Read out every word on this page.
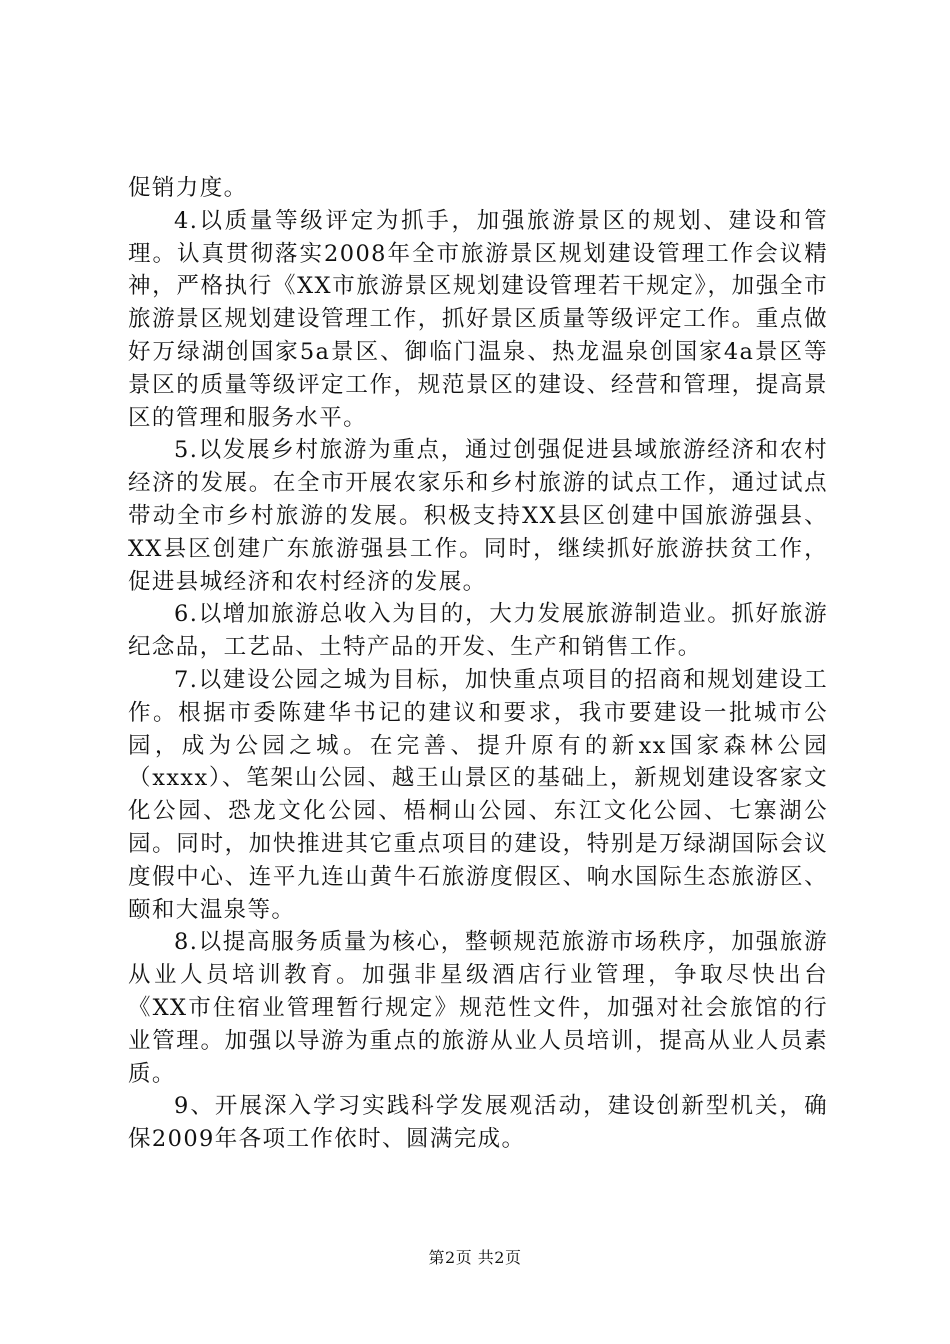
促销力度。

4.以质量等级评定为抓手，加强旅游景区的规划、建设和管理。认真贯彻落实2008年全市旅游景区规划建设管理工作会议精神，严格执行《XX市旅游景区规划建设管理若干规定》，加强全市旅游景区规划建设管理工作，抓好景区质量等级评定工作。重点做好万绿湖创国家5a景区、御临门温泉、热龙温泉创国家4a景区等景区的质量等级评定工作，规范景区的建设、经营和管理，提高景区的管理和服务水平。

5.以发展乡村旅游为重点，通过创强促进县域旅游经济和农村经济的发展。在全市开展农家乐和乡村旅游的试点工作，通过试点带动全市乡村旅游的发展。积极支持XX县区创建中国旅游强县、XX县区创建广东旅游强县工作。同时，继续抓好旅游扶贫工作，促进县城经济和农村经济的发展。

6.以增加旅游总收入为目的，大力发展旅游制造业。抓好旅游纪念品，工艺品、土特产品的开发、生产和销售工作。

7.以建设公园之城为目标，加快重点项目的招商和规划建设工作。根据市委陈建华书记的建议和要求，我市要建设一批城市公园，成为公园之城。在完善、提升原有的新xx国家森林公园（xxxx）、笔架山公园、越王山景区的基础上，新规划建设客家文化公园、恐龙文化公园、梧桐山公园、东江文化公园、七寨湖公园。同时，加快推进其它重点项目的建设，特别是万绿湖国际会议度假中心、连平九连山黄牛石旅游度假区、响水国际生态旅游区、颐和大温泉等。

8.以提高服务质量为核心，整顿规范旅游市场秩序，加强旅游从业人员培训教育。加强非星级酒店行业管理，争取尽快出台《XX市住宿业管理暂行规定》规范性文件，加强对社会旅馆的行业管理。加强以导游为重点的旅游从业人员培训，提高从业人员素质。

9、开展深入学习实践科学发展观活动，建设创新型机关，确保2009年各项工作依时、圆满完成。

第2页 共2页
